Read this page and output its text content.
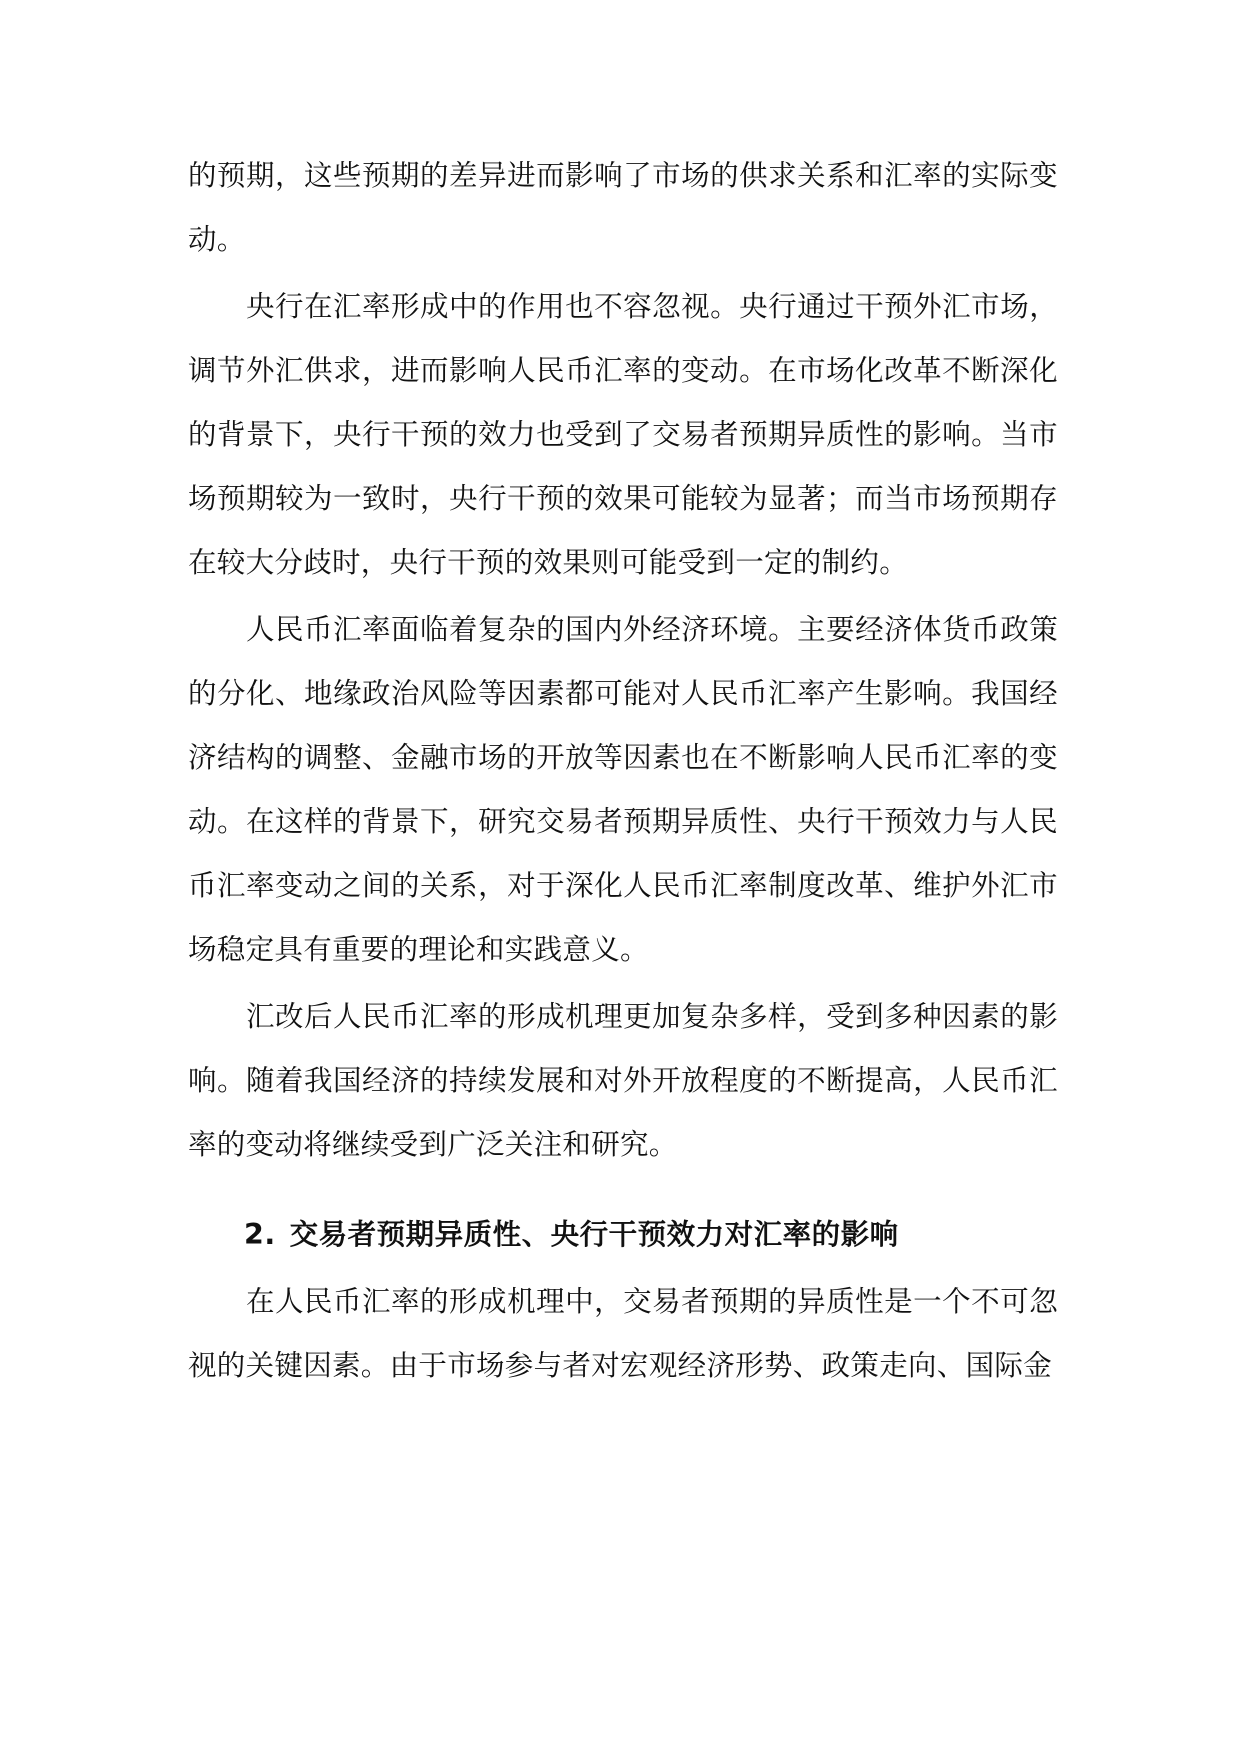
的预期，这些预期的差异进而影响了市场的供求关系和汇率的实际变动。

央行在汇率形成中的作用也不容忽视。央行通过干预外汇市场，调节外汇供求，进而影响人民币汇率的变动。在市场化改革不断深化的背景下，央行干预的效力也受到了交易者预期异质性的影响。当市场预期较为一致时，央行干预的效果可能较为显著；而当市场预期存在较大分歧时，央行干预的效果则可能受到一定的制约。

人民币汇率面临着复杂的国内外经济环境。主要经济体货币政策的分化、地缘政治风险等因素都可能对人民币汇率产生影响。我国经济结构的调整、金融市场的开放等因素也在不断影响人民币汇率的变动。在这样的背景下，研究交易者预期异质性、央行干预效力与人民币汇率变动之间的关系，对于深化人民币汇率制度改革、维护外汇市场稳定具有重要的理论和实践意义。

汇改后人民币汇率的形成机理更加复杂多样，受到多种因素的影响。随着我国经济的持续发展和对外开放程度的不断提高，人民币汇率的变动将继续受到广泛关注和研究。

2. 交易者预期异质性、央行干预效力对汇率的影响

在人民币汇率的形成机理中，交易者预期的异质性是一个不可忽视的关键因素。由于市场参与者对宏观经济形势、政策走向、国际金
